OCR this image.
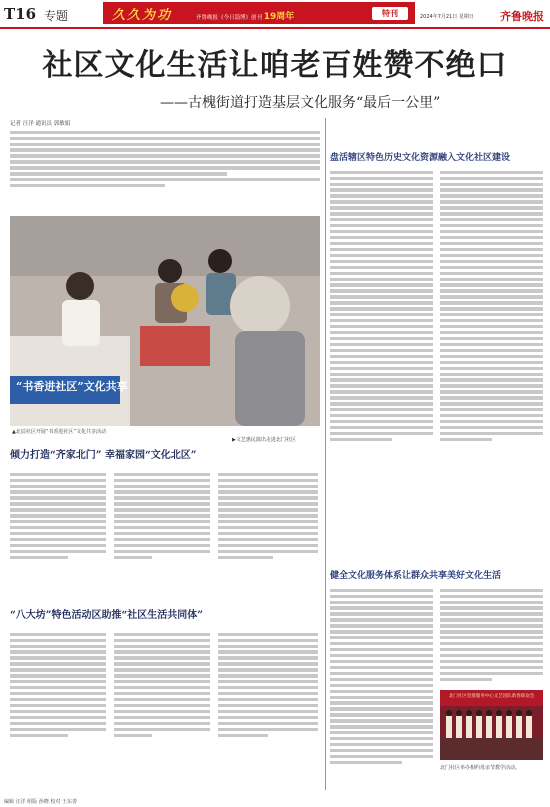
T16 专题	久久为功	齐鲁晚报《今日淄博》创刊 19周年	特刊	2024年7月21日 星期日 齐鲁晚报
社区文化生活让咱老百姓赞不绝口
——古槐街道打造基层文化服务“最后一公里”
记者 汪洋 通讯员 郭敏娟
“书香进社区”文化共享
▲北辰社区开展“书香进社区”文化共享活动
▶文艺惠民演出走进北门社区
倾力打造“齐家北门” 幸福家园“文化北区”
“八大坊”特色活动区助推“社区生活共同体”
盘活辖区特色历史文化资源融入文化社区建设
健全文化服务体系让群众共享美好文化生活
北门社区党群服务中心文艺团队新春联欢会
北门社区举办相约母亲节教学活动。
编辑 汪洋 组版 孙晓 校对 王东善
